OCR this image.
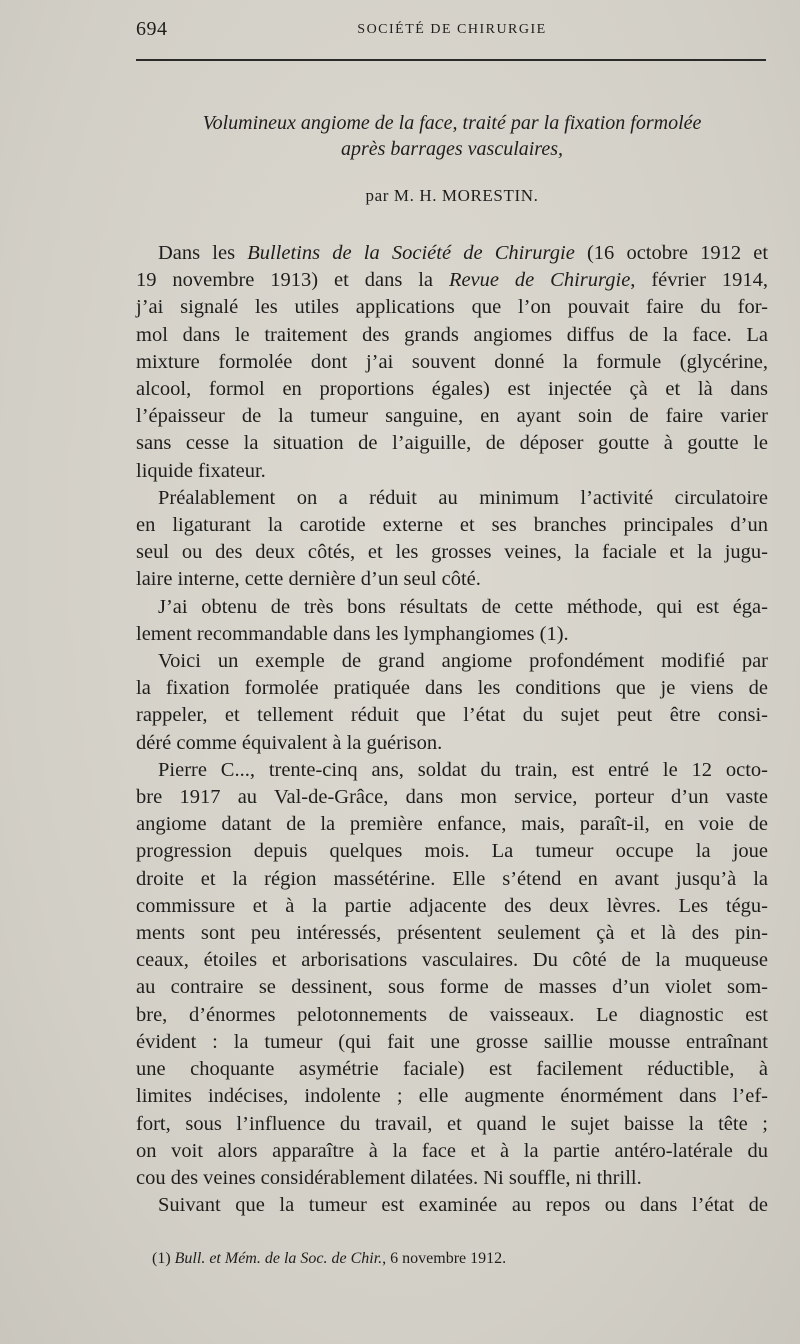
694	SOCIÉTÉ DE CHIRURGIE
Volumineux angiome de la face, traité par la fixation formolée
après barrages vasculaires,
par M. H. MORESTIN.
Dans les Bulletins de la Société de Chirurgie (16 octobre 1912 et
19 novembre 1913) et dans la Revue de Chirurgie, février 1914,
j’ai signalé les utiles applications que l’on pouvait faire du for-
mol dans le traitement des grands angiomes diffus de la face. La
mixture formolée dont j’ai souvent donné la formule (glycérine,
alcool, formol en proportions égales) est injectée çà et là dans
l’épaisseur de la tumeur sanguine, en ayant soin de faire varier
sans cesse la situation de l’aiguille, de déposer goutte à goutte le
liquide fixateur.
Préalablement on a réduit au minimum l’activité circulatoire
en ligaturant la carotide externe et ses branches principales d’un
seul ou des deux côtés, et les grosses veines, la faciale et la jugu-
laire interne, cette dernière d’un seul côté.
J’ai obtenu de très bons résultats de cette méthode, qui est éga-
lement recommandable dans les lymphangiomes (1).
Voici un exemple de grand angiome profondément modifié par
la fixation formolée pratiquée dans les conditions que je viens de
rappeler, et tellement réduit que l’état du sujet peut être consi-
déré comme équivalent à la guérison.
Pierre C..., trente-cinq ans, soldat du train, est entré le 12 octo-
bre 1917 au Val-de-Grâce, dans mon service, porteur d’un vaste
angiome datant de la première enfance, mais, paraît-il, en voie de
progression depuis quelques mois. La tumeur occupe la joue
droite et la région massétérine. Elle s’étend en avant jusqu’à la
commissure et à la partie adjacente des deux lèvres. Les tégu-
ments sont peu intéressés, présentent seulement çà et là des pin-
ceaux, étoiles et arborisations vasculaires. Du côté de la muqueuse
au contraire se dessinent, sous forme de masses d’un violet som-
bre, d’énormes pelotonnements de vaisseaux. Le diagnostic est
évident : la tumeur (qui fait une grosse saillie mousse entraînant
une choquante asymétrie faciale) est facilement réductible, à
limites indécises, indolente ; elle augmente énormément dans l’ef-
fort, sous l’influence du travail, et quand le sujet baisse la tête ;
on voit alors apparaître à la face et à la partie antéro-latérale du
cou des veines considérablement dilatées. Ni souffle, ni thrill.
Suivant que la tumeur est examinée au repos ou dans l’état de
(1) Bull. et Mém. de la Soc. de Chir., 6 novembre 1912.
